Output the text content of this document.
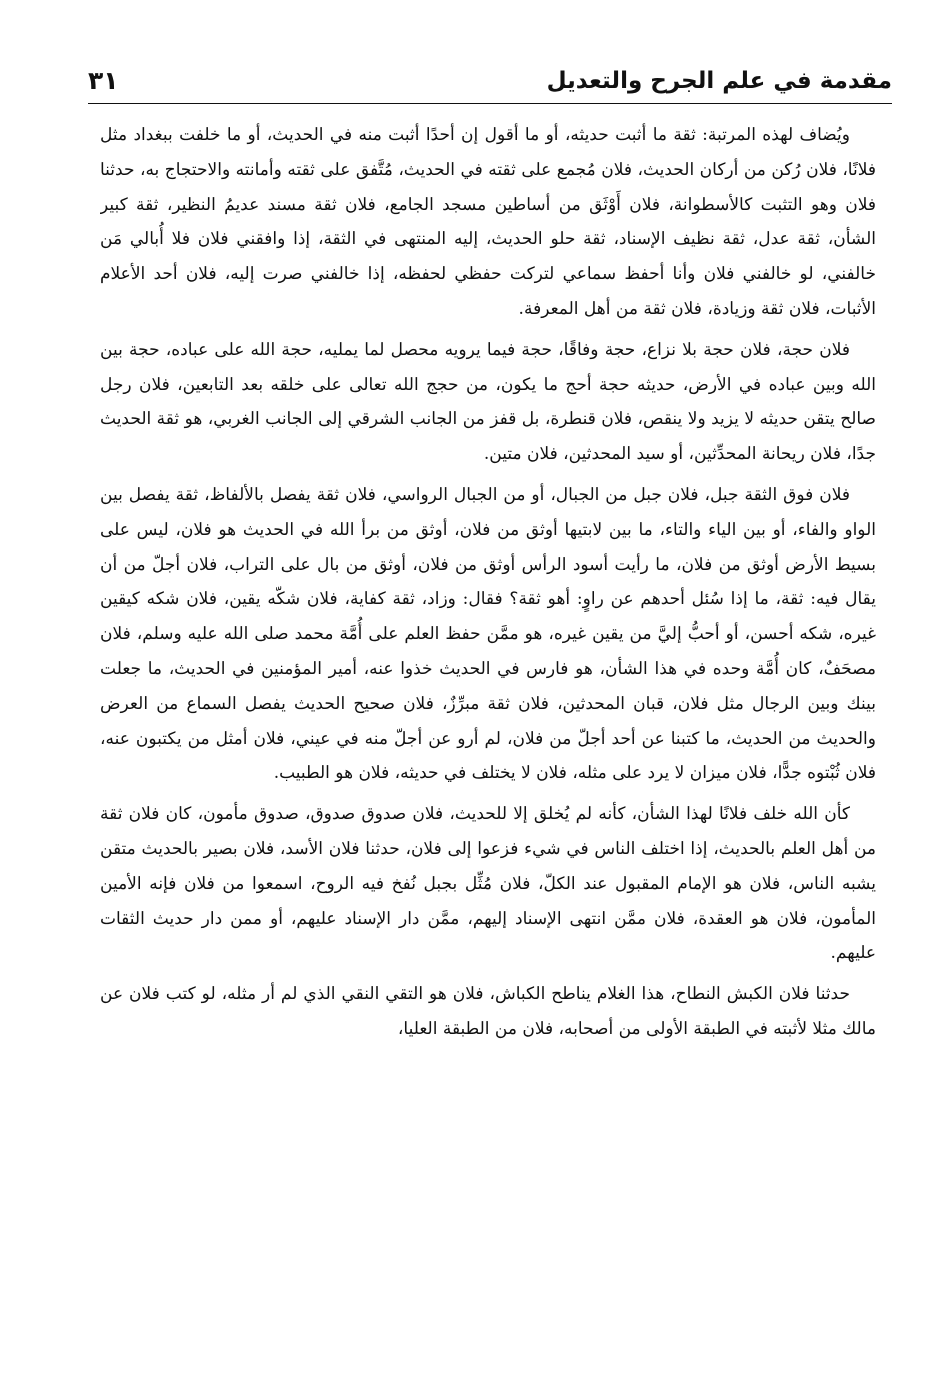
مقدمة في علم الجرح والتعديل
٣١

ويُضاف لهذه المرتبة: ثقة ما أثبت حديثه، أو ما أقول إن أحدًا أثبت منه في الحديث، أو ما خلفت ببغداد مثل فلانًا، فلان رُكن من أركان الحديث، فلان مُجمع على ثقته في الحديث، مُتَّفق على ثقته وأمانته والاحتجاج به، حدثنا فلان وهو التثبت كالأسطوانة، فلان أَوْثَق من أساطين مسجد الجامع، فلان ثقة مسند عديمُ النظير، ثقة كبير الشأن، ثقة عدل، ثقة نظيف الإسناد، ثقة حلو الحديث، إليه المنتهى في الثقة، إذا وافقني فلان فلا أُبالي مَن خالفني، لو خالفني فلان وأنا أحفظ سماعي لتركت حفظي لحفظه، إذا خالفني صرت إليه، فلان أحد الأعلام الأثبات، فلان ثقة وزيادة، فلان ثقة من أهل المعرفة.

فلان حجة، فلان حجة بلا نزاع، حجة وفاقًا، حجة فيما يرويه محصل لما يمليه، حجة الله على عباده، حجة بين الله وبين عباده في الأرض، حديثه حجة أحج ما يكون، من حجج الله تعالى على خلقه بعد التابعين، فلان رجل صالح يتقن حديثه لا يزيد ولا ينقص، فلان قنطرة، بل قفز من الجانب الشرقي إلى الجانب الغربي، هو ثقة الحديث جدًا، فلان ريحانة المحدِّثين، أو سيد المحدثين، فلان متين.

فلان فوق الثقة جبل، فلان جبل من الجبال، أو من الجبال الرواسي، فلان ثقة يفصل بالألفاظ، ثقة يفصل بين الواو والفاء، أو بين الياء والتاء، ما بين لابتيها أوثق من فلان، أوثق من برأ الله في الحديث هو فلان، ليس على بسيط الأرض أوثق من فلان، ما رأيت أسود الرأس أوثق من فلان، أوثق من بال على التراب، فلان أجلّ من أن يقال فيه: ثقة، ما إذا سُئل أحدهم عن راوٍ: أهو ثقة؟ فقال: وزاد، ثقة كفاية، فلان شكّه يقين، فلان شكه كيقين غيره، شكه أحسن، أو أحبُّ إليَّ من يقين غيره، هو ممَّن حفظ العلم على أُمَّة محمد صلى الله عليه وسلم، فلان مصحَفٌ، كان أُمَّة وحده في هذا الشأن، هو فارس في الحديث خذوا عنه، أمير المؤمنين في الحديث، ما جعلت بينك وبين الرجال مثل فلان، قبان المحدثين، فلان ثقة مبرِّزٌ، فلان صحيح الحديث يفصل السماع من العرض والحديث من الحديث، ما كتبنا عن أحد أجلّ من فلان، لم أرو عن أجلّ منه في عيني، فلان أمثل من يكتبون عنه، فلان ثُبْتوه جدًّا، فلان ميزان لا يرد على مثله، فلان لا يختلف في حديثه، فلان هو الطبيب.

كأن الله خلف فلانًا لهذا الشأن، كأنه لم يُخلق إلا للحديث، فلان صدوق صدوق، صدوق مأمون، كان فلان ثقة من أهل العلم بالحديث، إذا اختلف الناس في شيء فزعوا إلى فلان، حدثنا فلان الأسد، فلان بصير بالحديث متقن يشبه الناس، فلان هو الإمام المقبول عند الكلّ، فلان مُثِّل بجبل نُفخ فيه الروح، اسمعوا من فلان فإنه الأمين المأمون، فلان هو العقدة، فلان ممَّن انتهى الإسناد إليهم، ممَّن دار الإسناد عليهم، أو ممن دار حديث الثقات عليهم.

حدثنا فلان الكبش النطاح، هذا الغلام يناطح الكباش، فلان هو التقي النقي الذي لم أر مثله، لو كتب فلان عن مالك مثلا لأثبته في الطبقة الأولى من أصحابه، فلان من الطبقة العليا،
